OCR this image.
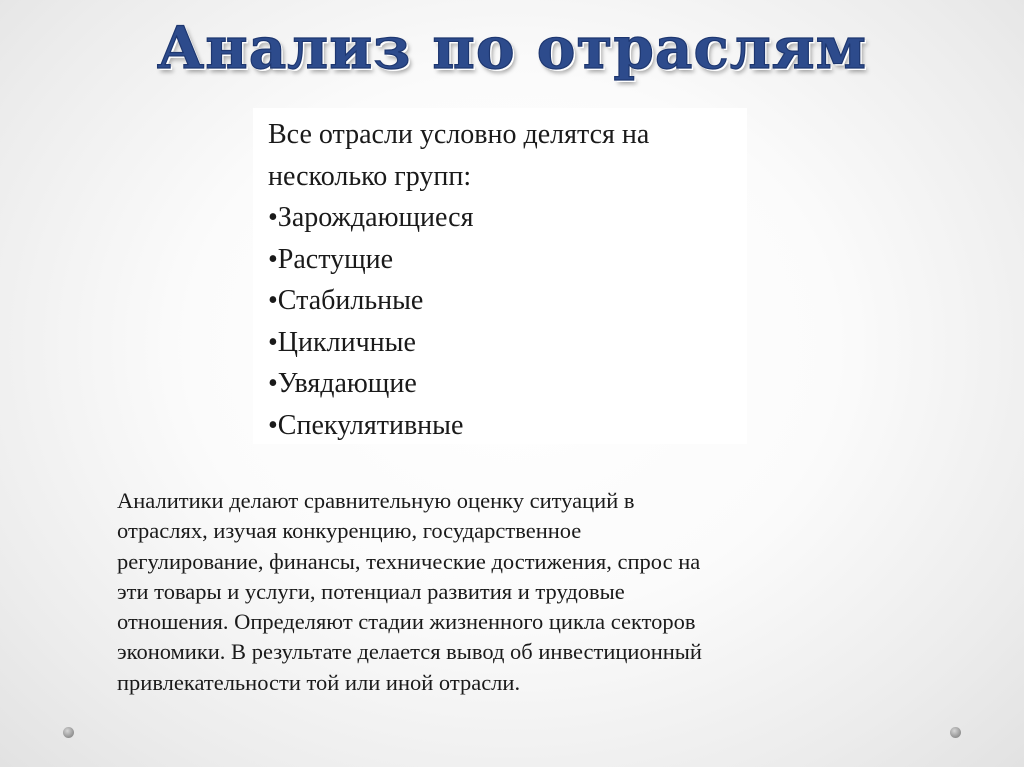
Анализ по отраслям
Все отрасли условно делятся на
несколько групп:
•Зарождающиеся
•Растущие
•Стабильные
•Цикличные
•Увядающие
•Спекулятивные
Аналитики делают сравнительную оценку ситуаций в
отраслях, изучая конкуренцию, государственное
регулирование, финансы, технические достижения, спрос на
эти товары и услуги, потенциал развития и трудовые
отношения. Определяют стадии жизненного цикла секторов
экономики. В результате делается вывод об инвестиционный
привлекательности той или иной отрасли.
